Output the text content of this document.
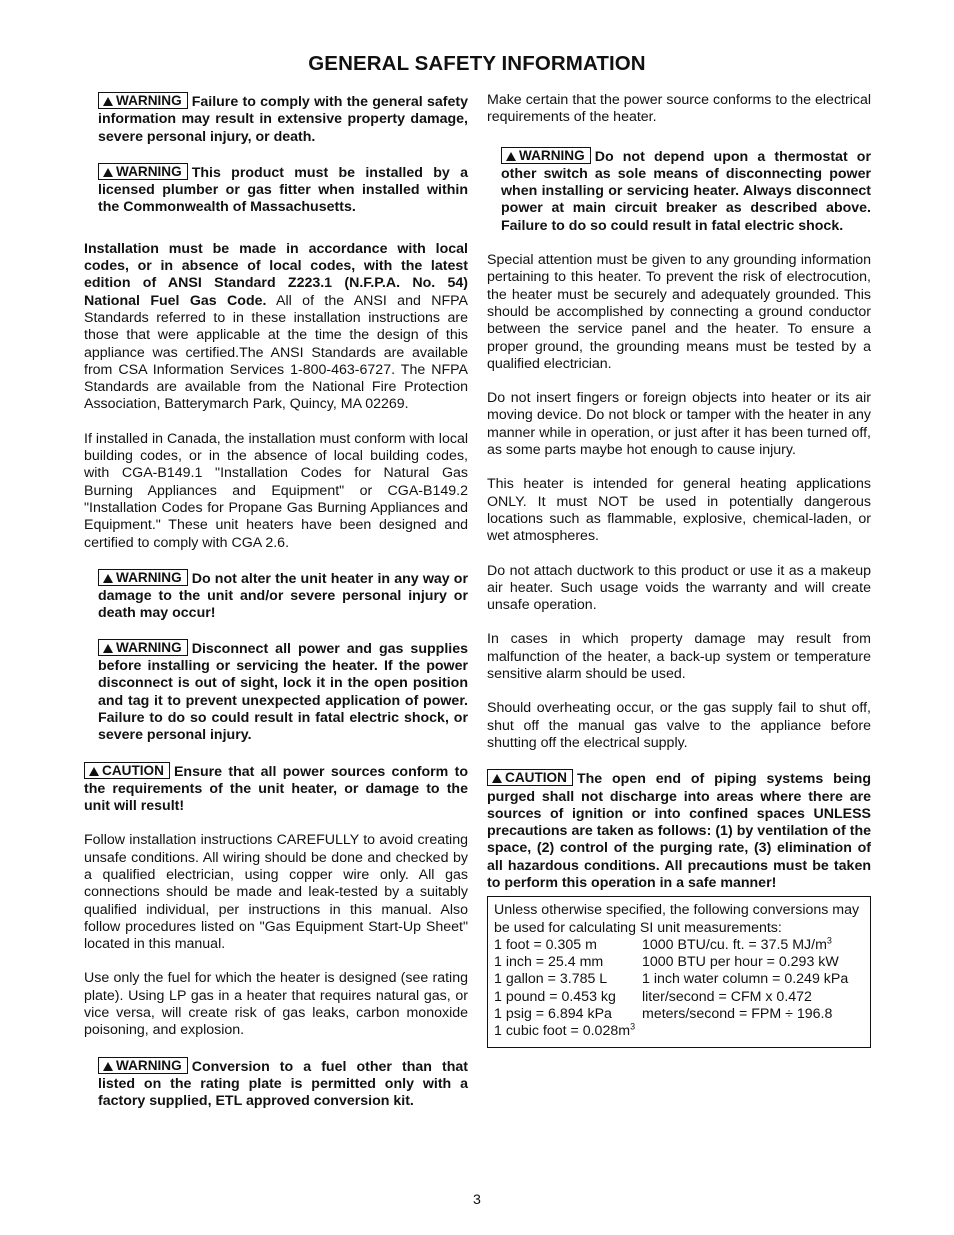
GENERAL SAFETY INFORMATION

WARNING Failure to comply with the general safety information may result in extensive property damage, severe personal injury, or death.

WARNING This product must be installed by a licensed plumber or gas fitter when installed within the Commonwealth of Massachusetts.

Installation must be made in accordance with local codes, or in absence of local codes, with the latest edition of ANSI Standard Z223.1 (N.F.P.A. No. 54) National Fuel Gas Code. All of the ANSI and NFPA Standards referred to in these installation instructions are those that were applicable at the time the design of this appliance was certified.The ANSI Standards are available from CSA Information Services 1-800-463-6727. The NFPA Standards are available from the National Fire Protection Association, Batterymarch Park, Quincy, MA 02269.

If installed in Canada, the installation must conform with local building codes, or in the absence of local building codes, with CGA-B149.1 "Installation Codes for Natural Gas Burning Appliances and Equipment" or CGA-B149.2 "Installation Codes for Propane Gas Burning Appliances and Equipment." These unit heaters have been designed and certified to comply with CGA 2.6.

WARNING Do not alter the unit heater in any way or damage to the unit and/or severe personal injury or death may occur!

WARNING Disconnect all power and gas supplies before installing or servicing the heater. If the power disconnect is out of sight, lock it in the open position and tag it to prevent unexpected application of power. Failure to do so could result in fatal electric shock, or severe personal injury.

CAUTION Ensure that all power sources conform to the requirements of the unit heater, or damage to the unit will result!

Follow installation instructions CAREFULLY to avoid creating unsafe conditions. All wiring should be done and checked by a qualified electrician, using copper wire only. All gas connections should be made and leak-tested by a suitably qualified individual, per instructions in this manual. Also follow procedures listed on "Gas Equipment Start-Up Sheet" located in this manual.

Use only the fuel for which the heater is designed (see rating plate). Using LP gas in a heater that requires natural gas, or vice versa, will create risk of gas leaks, carbon monoxide poisoning, and explosion.

WARNING Conversion to a fuel other than that listed on the rating plate is permitted only with a factory supplied, ETL approved conversion kit.

Make certain that the power source conforms to the electrical requirements of the heater.

WARNING Do not depend upon a thermostat or other switch as sole means of disconnecting power when installing or servicing heater. Always disconnect power at main circuit breaker as described above. Failure to do so could result in fatal electric shock.

Special attention must be given to any grounding information pertaining to this heater. To prevent the risk of electrocution, the heater must be securely and adequately grounded. This should be accomplished by connecting a ground conductor between the service panel and the heater. To ensure a proper ground, the grounding means must be tested by a qualified electrician.

Do not insert fingers or foreign objects into heater or its air moving device. Do not block or tamper with the heater in any manner while in operation, or just after it has been turned off, as some parts maybe hot enough to cause injury.

This heater is intended for general heating applications ONLY. It must NOT be used in potentially dangerous locations such as flammable, explosive, chemical-laden, or wet atmospheres.

Do not attach ductwork to this product or use it as a makeup air heater. Such usage voids the warranty and will create unsafe operation.

In cases in which property damage may result from malfunction of the heater, a back-up system or temperature sensitive alarm should be used.

Should overheating occur, or the gas supply fail to shut off, shut off the manual gas valve to the appliance before shutting off the electrical supply.

CAUTION The open end of piping systems being purged shall not discharge into areas where there are sources of ignition or into confined spaces UNLESS precautions are taken as follows: (1) by ventilation of the space, (2) control of the purging rate, (3) elimination of all hazardous conditions. All precautions must be taken to perform this operation in a safe manner!

Unless otherwise specified, the following conversions may be used for calculating SI unit measurements:
1 foot = 0.305 m	1000 BTU/cu. ft. = 37.5 $MJ/m^3$
1 inch = 25.4 mm	1000 BTU per hour = 0.293 kW
1 gallon = 3.785 L	1 inch water column = 0.249 kPa
1 pound = 0.453 kg	liter/second = CFM x 0.472
1 psig = 6.894 kPa	meters/second = FPM ÷ 196.8
1 cubic foot = $0.028m^3$
3
